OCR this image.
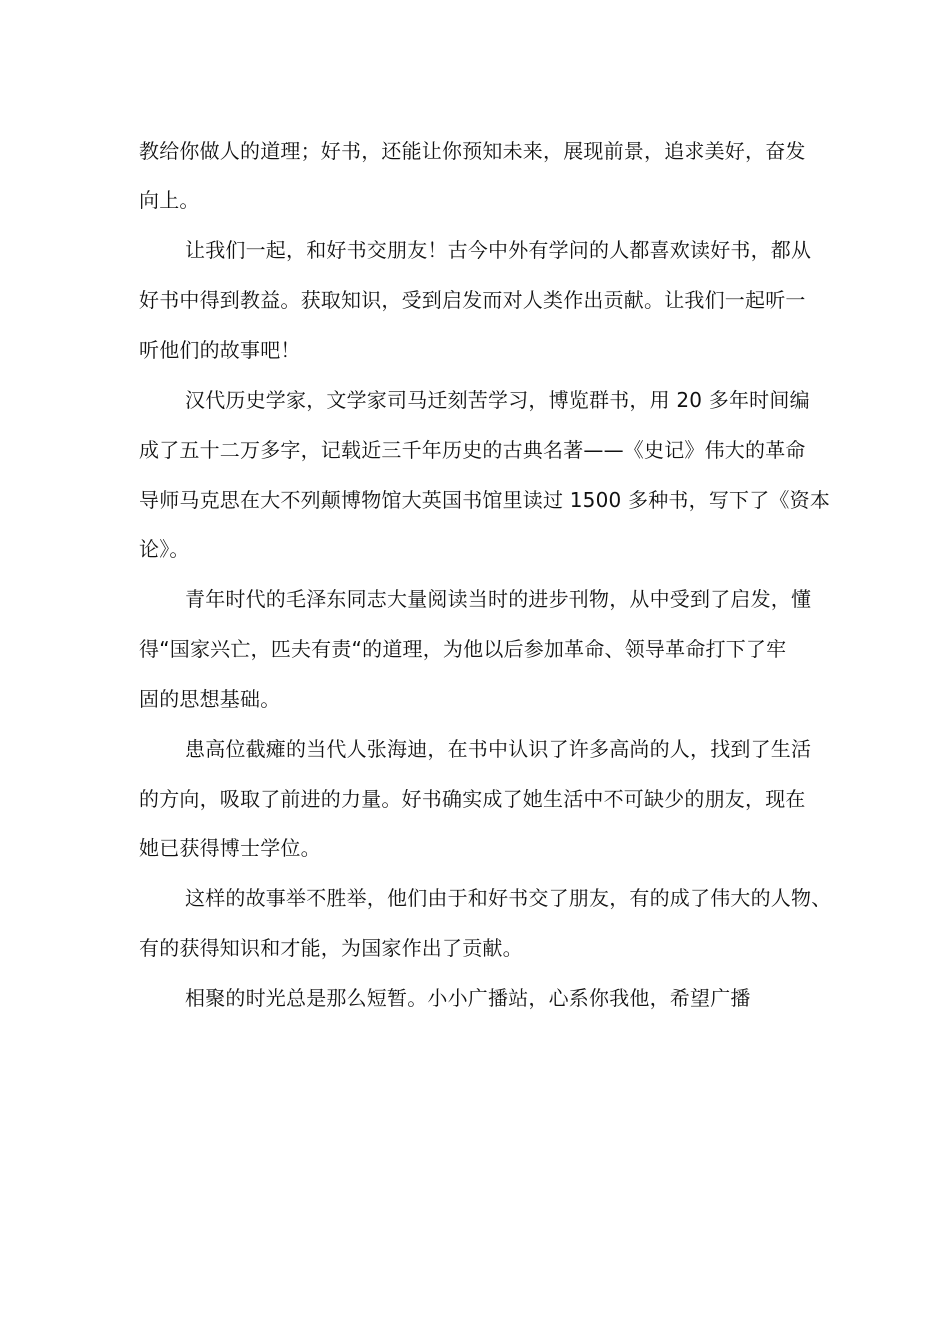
教给你做人的道理；好书，还能让你预知未来，展现前景，追求美好，奋发
向上。
让我们一起，和好书交朋友！古今中外有学问的人都喜欢读好书，都从
好书中得到教益。获取知识，受到启发而对人类作出贡献。让我们一起听一
听他们的故事吧！
汉代历史学家，文学家司马迁刻苦学习，博览群书，用 20 多年时间编
成了五十二万多字，记载近三千年历史的古典名著——《史记》伟大的革命
导师马克思在大不列颠博物馆大英国书馆里读过 1500 多种书，写下了《资本
论》。
青年时代的毛泽东同志大量阅读当时的进步刊物，从中受到了启发，懂
得“国家兴亡，匹夫有责“的道理，为他以后参加革命、领导革命打下了牢
固的思想基础。
患高位截瘫的当代人张海迪，在书中认识了许多高尚的人，找到了生活
的方向，吸取了前进的力量。好书确实成了她生活中不可缺少的朋友，现在
她已获得博士学位。
这样的故事举不胜举，他们由于和好书交了朋友，有的成了伟大的人物、
有的获得知识和才能，为国家作出了贡献。
相聚的时光总是那么短暂。小小广播站，心系你我他，希望广播
